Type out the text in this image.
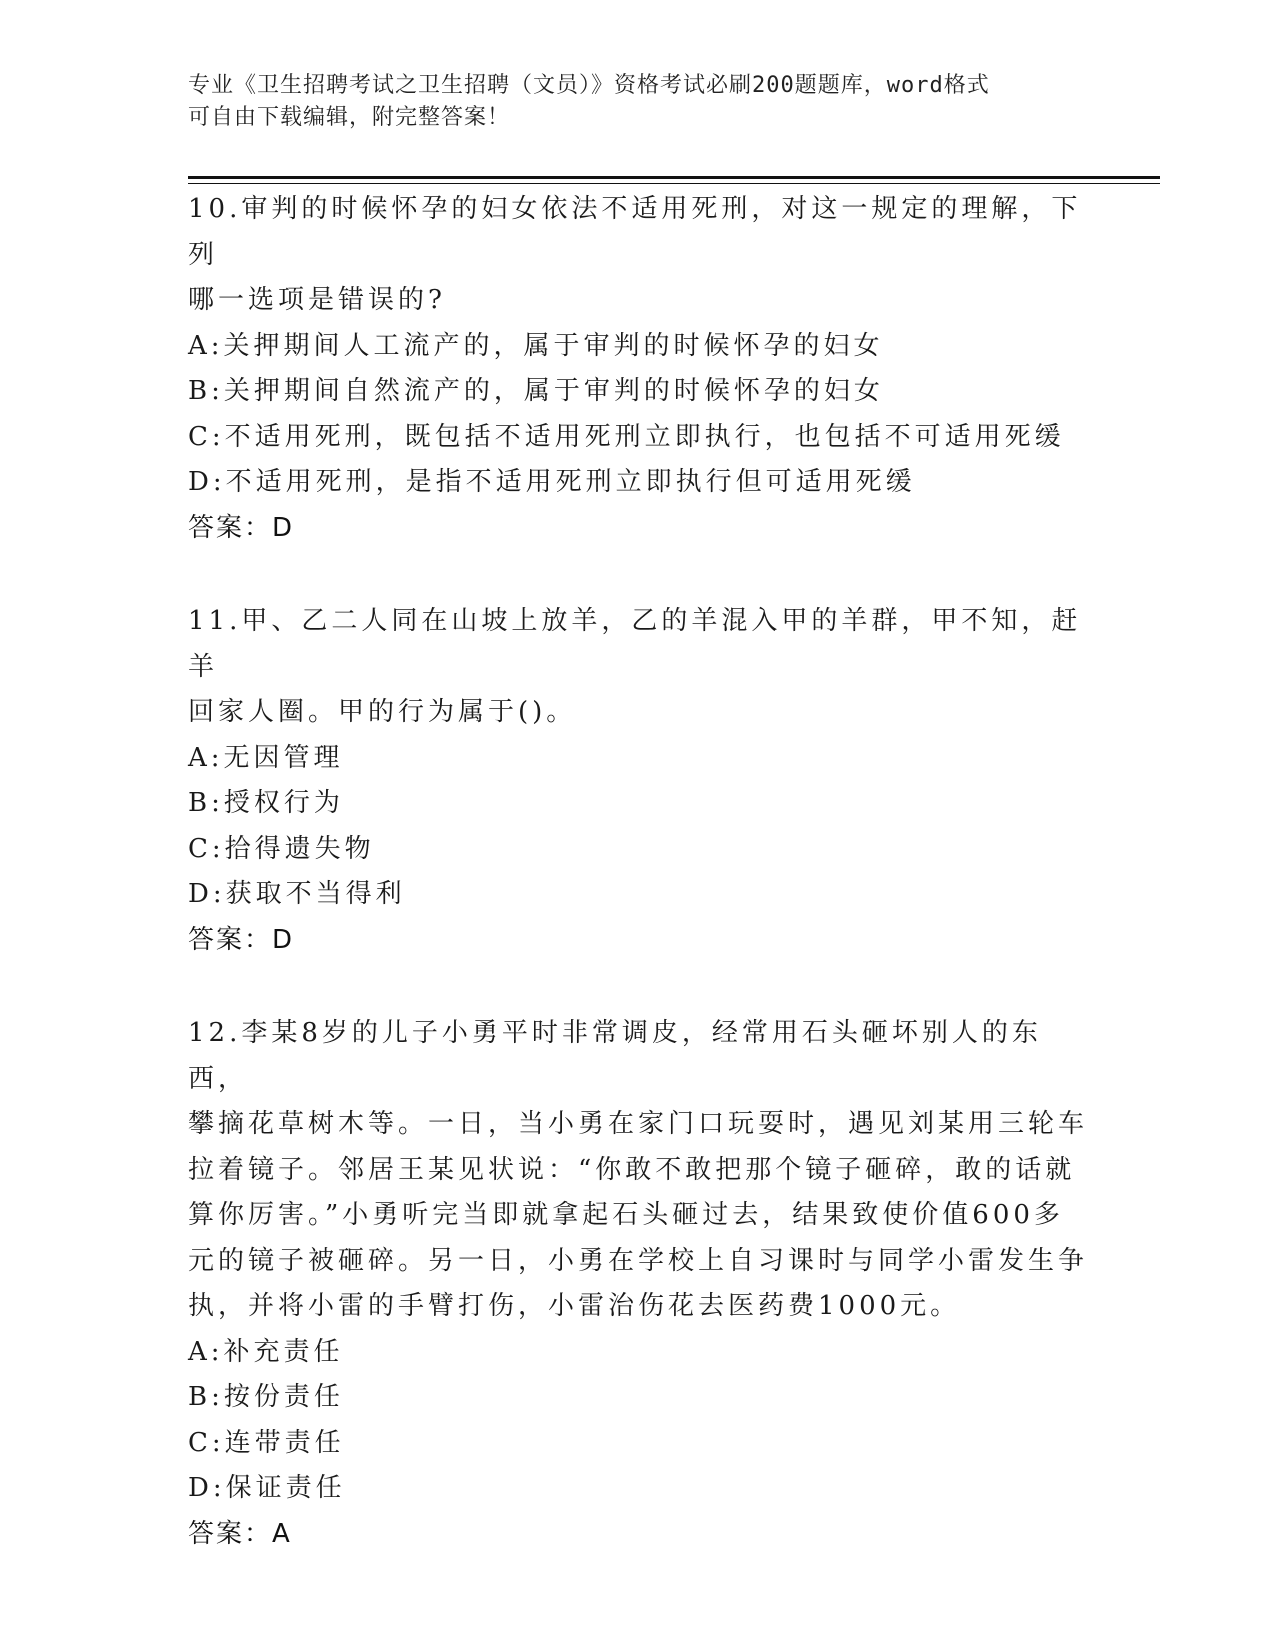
专业《卫生招聘考试之卫生招聘（文员）》资格考试必刷200题题库，word格式
可自由下载编辑，附完整答案！
10.审判的时候怀孕的妇女依法不适用死刑，对这一规定的理解，下列
哪一选项是错误的?
A:关押期间人工流产的，属于审判的时候怀孕的妇女
B:关押期间自然流产的，属于审判的时候怀孕的妇女
C:不适用死刑，既包括不适用死刑立即执行，也包括不可适用死缓
D:不适用死刑，是指不适用死刑立即执行但可适用死缓
答案：D
11.甲、乙二人同在山坡上放羊，乙的羊混入甲的羊群，甲不知，赶羊
回家人圈。甲的行为属于()。
A:无因管理
B:授权行为
C:拾得遗失物
D:获取不当得利
答案：D
12.李某8岁的儿子小勇平时非常调皮，经常用石头砸坏别人的东西，
攀摘花草树木等。一日，当小勇在家门口玩耍时，遇见刘某用三轮车
拉着镜子。邻居王某见状说：“你敢不敢把那个镜子砸碎，敢的话就
算你厉害。”小勇听完当即就拿起石头砸过去，结果致使价值600多
元的镜子被砸碎。另一日，小勇在学校上自习课时与同学小雷发生争
执，并将小雷的手臂打伤，小雷治伤花去医药费1000元。
A:补充责任
B:按份责任
C:连带责任
D:保证责任
答案：A
